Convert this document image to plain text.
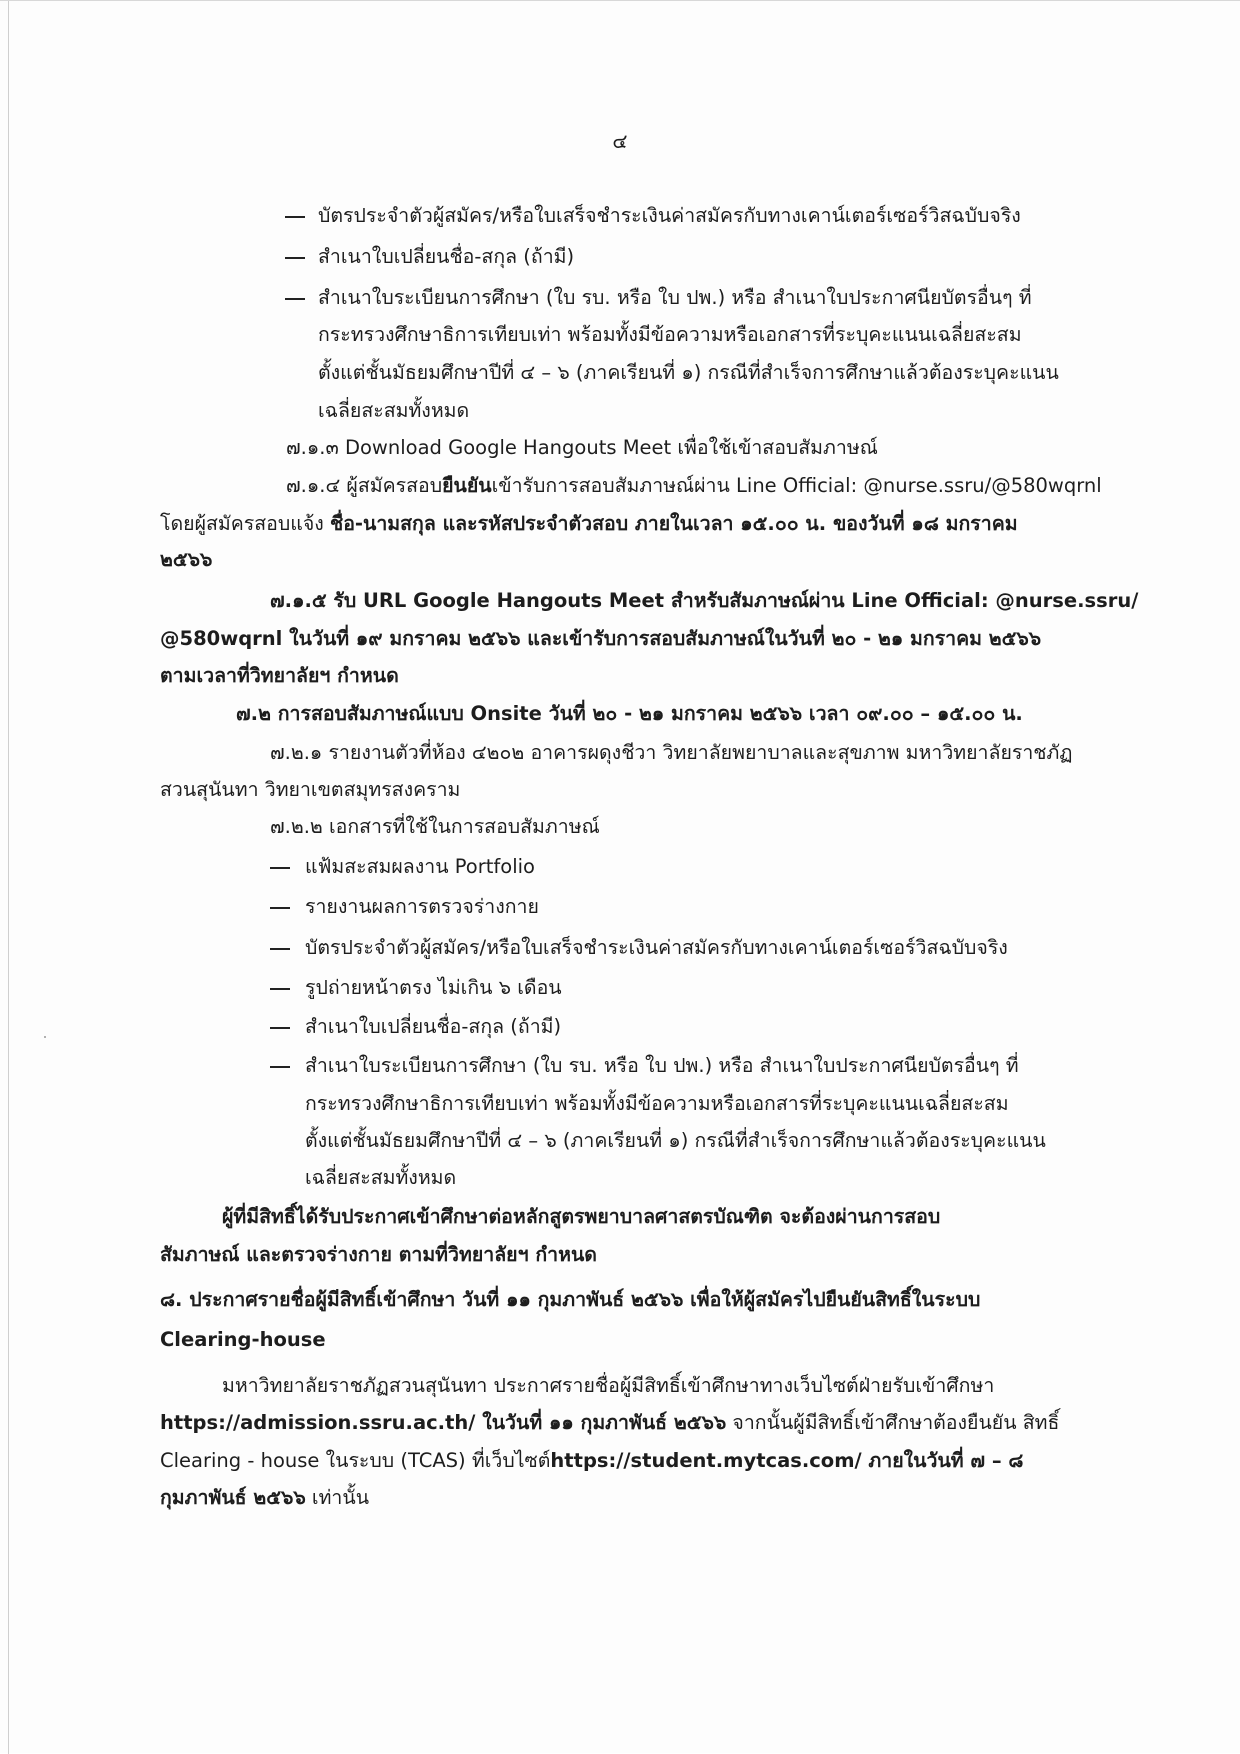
๔
บัตรประจำตัวผู้สมัคร/หรือใบเสร็จชำระเงินค่าสมัครกับทางเคาน์เตอร์เซอร์วิสฉบับจริง
สำเนาใบเปลี่ยนชื่อ-สกุล (ถ้ามี)
สำเนาใบระเบียนการศึกษา (ใบ รบ. หรือ ใบ ปพ.) หรือ สำเนาใบประกาศนียบัตรอื่นๆ ที่
กระทรวงศึกษาธิการเทียบเท่า พร้อมทั้งมีข้อความหรือเอกสารที่ระบุคะแนนเฉลี่ยสะสม
ตั้งแต่ชั้นมัธยมศึกษาปีที่ ๔ – ๖ (ภาคเรียนที่ ๑) กรณีที่สำเร็จการศึกษาแล้วต้องระบุคะแนน
เฉลี่ยสะสมทั้งหมด
๗.๑.๓ Download Google Hangouts Meet เพื่อใช้เข้าสอบสัมภาษณ์
๗.๑.๔ ผู้สมัครสอบยืนยันเข้ารับการสอบสัมภาษณ์ผ่าน Line Official: @nurse.ssru/@580wqrnl
โดยผู้สมัครสอบแจ้ง ชื่อ-นามสกุล และรหัสประจำตัวสอบ ภายในเวลา ๑๕.๐๐ น. ของวันที่ ๑๘ มกราคม
๒๕๖๖
๗.๑.๕ รับ URL Google Hangouts Meet สำหรับสัมภาษณ์ผ่าน Line Official: @nurse.ssru/
@580wqrnl ในวันที่ ๑๙ มกราคม ๒๕๖๖ และเข้ารับการสอบสัมภาษณ์ในวันที่ ๒๐ - ๒๑ มกราคม ๒๕๖๖
ตามเวลาที่วิทยาลัยฯ กำหนด
๗.๒ การสอบสัมภาษณ์แบบ Onsite วันที่ ๒๐ - ๒๑ มกราคม ๒๕๖๖ เวลา ๐๙.๐๐ – ๑๕.๐๐ น.
๗.๒.๑ รายงานตัวที่ห้อง ๔๒๐๒ อาคารผดุงชีวา วิทยาลัยพยาบาลและสุขภาพ มหาวิทยาลัยราชภัฏ
สวนสุนันทา วิทยาเขตสมุทรสงคราม
๗.๒.๒ เอกสารที่ใช้ในการสอบสัมภาษณ์
แฟ้มสะสมผลงาน Portfolio
รายงานผลการตรวจร่างกาย
บัตรประจำตัวผู้สมัคร/หรือใบเสร็จชำระเงินค่าสมัครกับทางเคาน์เตอร์เซอร์วิสฉบับจริง
รูปถ่ายหน้าตรง ไม่เกิน ๖ เดือน
สำเนาใบเปลี่ยนชื่อ-สกุล (ถ้ามี)
สำเนาใบระเบียนการศึกษา (ใบ รบ. หรือ ใบ ปพ.) หรือ สำเนาใบประกาศนียบัตรอื่นๆ ที่
กระทรวงศึกษาธิการเทียบเท่า พร้อมทั้งมีข้อความหรือเอกสารที่ระบุคะแนนเฉลี่ยสะสม
ตั้งแต่ชั้นมัธยมศึกษาปีที่ ๔ – ๖ (ภาคเรียนที่ ๑) กรณีที่สำเร็จการศึกษาแล้วต้องระบุคะแนน
เฉลี่ยสะสมทั้งหมด
ผู้ที่มีสิทธิ์ได้รับประกาศเข้าศึกษาต่อหลักสูตรพยาบาลศาสตรบัณฑิต จะต้องผ่านการสอบ
สัมภาษณ์ และตรวจร่างกาย ตามที่วิทยาลัยฯ กำหนด
๘. ประกาศรายชื่อผู้มีสิทธิ์เข้าศึกษา วันที่ ๑๑ กุมภาพันธ์ ๒๕๖๖ เพื่อให้ผู้สมัครไปยืนยันสิทธิ์ในระบบ
Clearing-house
มหาวิทยาลัยราชภัฏสวนสุนันทา ประกาศรายชื่อผู้มีสิทธิ์เข้าศึกษาทางเว็บไซต์ฝ่ายรับเข้าศึกษา
https://admission.ssru.ac.th/ ในวันที่ ๑๑ กุมภาพันธ์ ๒๕๖๖ จากนั้นผู้มีสิทธิ์เข้าศึกษาต้องยืนยัน สิทธิ์
Clearing - house ในระบบ (TCAS) ที่เว็บไซต์https://student.mytcas.com/ ภายในวันที่ ๗ – ๘
กุมภาพันธ์ ๒๕๖๖ เท่านั้น
